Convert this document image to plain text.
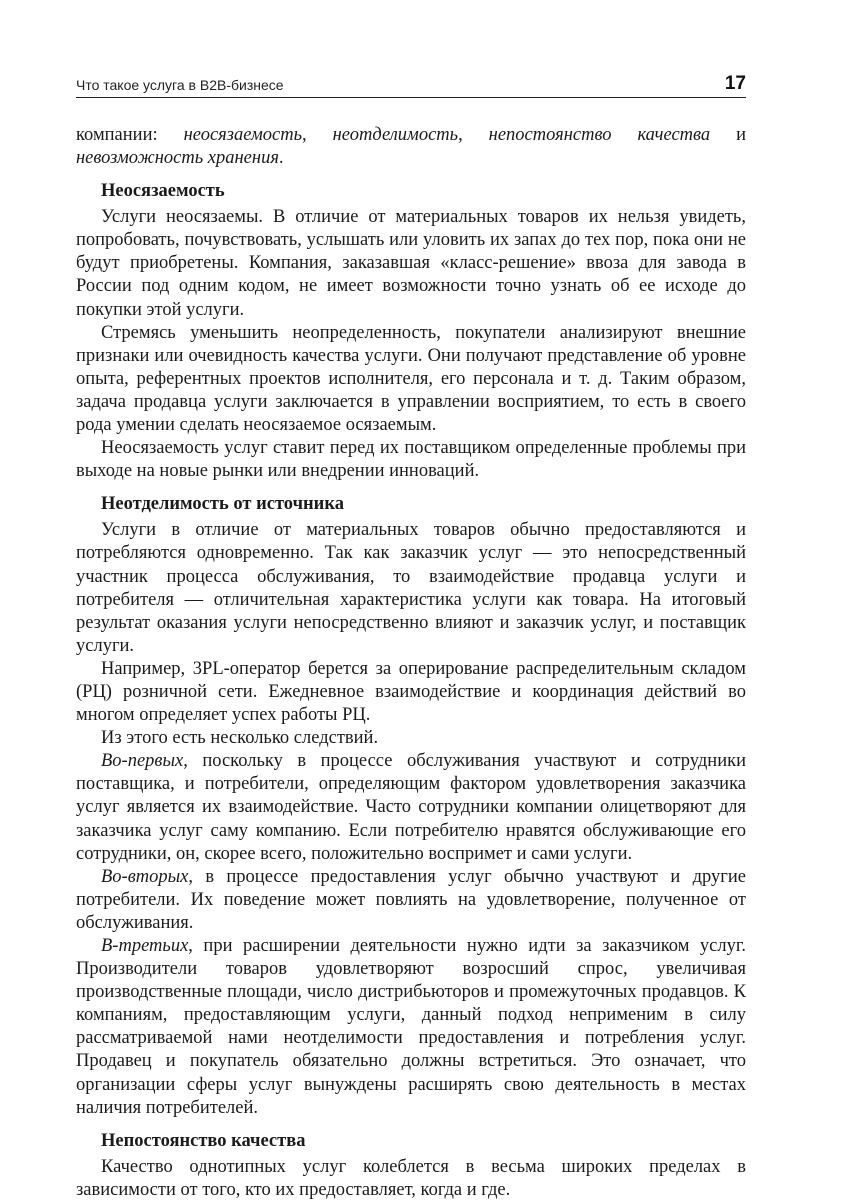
Что такое услуга в B2B-бизнесе	17

компании: неосязаемость, неотделимость, непостоянство качества и невозможность хранения.

Неосязаемость

Услуги неосязаемы. В отличие от материальных товаров их нельзя увидеть, попробовать, почувствовать, услышать или уловить их запах до тех пор, пока они не будут приобретены. Компания, заказавшая «класс-решение» ввоза для завода в России под одним кодом, не имеет возможности точно узнать об ее исходе до покупки этой услуги.

Стремясь уменьшить неопределенность, покупатели анализируют внешние признаки или очевидность качества услуги. Они получают представление об уровне опыта, референтных проектов исполнителя, его персонала и т. д. Таким образом, задача продавца услуги заключается в управлении восприятием, то есть в своего рода умении сделать неосязаемое осязаемым.

Неосязаемость услуг ставит перед их поставщиком определенные проблемы при выходе на новые рынки или внедрении инноваций.

Неотделимость от источника

Услуги в отличие от материальных товаров обычно предоставляются и потребляются одновременно. Так как заказчик услуг — это непосредственный участник процесса обслуживания, то взаимодействие продавца услуги и потребителя — отличительная характеристика услуги как товара. На итоговый результат оказания услуги непосредственно влияют и заказчик услуг, и поставщик услуги.

Например, 3PL-оператор берется за оперирование распределительным складом (РЦ) розничной сети. Ежедневное взаимодействие и координация действий во многом определяет успех работы РЦ.

Из этого есть несколько следствий.

Во-первых, поскольку в процессе обслуживания участвуют и сотрудники поставщика, и потребители, определяющим фактором удовлетворения заказчика услуг является их взаимодействие. Часто сотрудники компании олицетворяют для заказчика услуг саму компанию. Если потребителю нравятся обслуживающие его сотрудники, он, скорее всего, положительно воспримет и сами услуги.

Во-вторых, в процессе предоставления услуг обычно участвуют и другие потребители. Их поведение может повлиять на удовлетворение, полученное от обслуживания.

В-третьих, при расширении деятельности нужно идти за заказчиком услуг. Производители товаров удовлетворяют возросший спрос, увеличивая производственные площади, число дистрибьюторов и промежуточных продавцов. К компаниям, предоставляющим услуги, данный подход неприменим в силу рассматриваемой нами неотделимости предоставления и потребления услуг. Продавец и покупатель обязательно должны встретиться. Это означает, что организации сферы услуг вынуждены расширять свою деятельность в местах наличия потребителей.

Непостоянство качества

Качество однотипных услуг колеблется в весьма широких пределах в зависимости от того, кто их предоставляет, когда и где.
